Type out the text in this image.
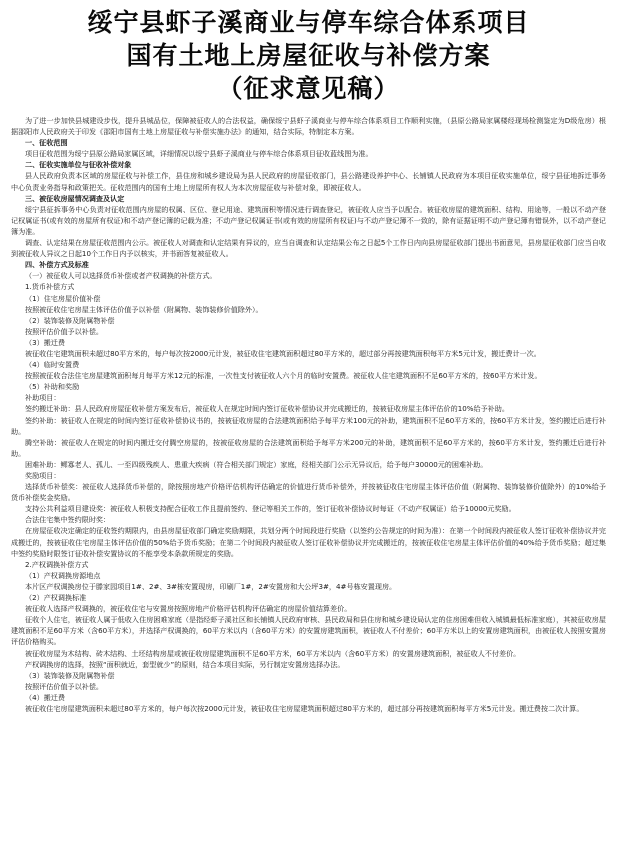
绥宁县虾子溪商业与停车综合体系项目
国有土地上房屋征收与补偿方案
（征求意见稿）

为了进一步加快县城建设步伐，提升县城品位，保障被征收人的合法权益，确保绥宁县虾子溪商业与停车综合体系项目工作顺利实施，（县原公路局家属楼经现场检测鉴定为D级危房）根据邵阳市人民政府关于印发《邵阳市国有土地上房屋征收与补偿实施办法》的通知，结合实际，特制定本方案。

一、征收范围

项目征收范围为绥宁县原公路局家属区域，详细情况以绥宁县虾子溪商业与停车综合体系项目征收蓝线图为准。

二、征收实施单位与征收补偿对象

县人民政府负责本区域的房屋征收与补偿工作，县住房和城乡建设局为县人民政府的房屋征收部门，县公路建设养护中心、长铺镇人民政府为本项目征收实施单位，绥宁县征地拆迁事务中心负责业务指导和政策把关。征收范围内的国有土地上房屋所有权人为本次房屋征收与补偿对象，即被征收人。

三、被征收房屋情况调查及认定

绥宁县征拆事务中心负责对征收范围内房屋的权属、区位、登记用途、建筑面积等情况进行调查登记，被征收人应当予以配合。被征收房屋的建筑面积、结构、用途等，一般以不动产登记权属证书(或有效的房屋所有权证)和不动产登记簿的记载为准；不动产登记权属证书(或有效的房屋所有权证)与不动产登记簿不一致的，除有证据证明不动产登记簿有错误外，以不动产登记簿为准。

调查、认定结果在房屋征收范围内公示。被征收人对调查和认定结果有异议的，应当自调查和认定结果公布之日起5个工作日内向县房屋征收部门提出书面意见，县房屋征收部门应当自收到被征收人异议之日起10个工作日内予以核实，并书面答复被征收人。

四、补偿方式及标准

（一）被征收人可以选择货币补偿或者产权调换的补偿方式。

1.货币补偿方式

（1）住宅房屋价值补偿

按照被征收住宅房屋主体评估价值予以补偿（附属物、装饰装修价值除外）。

（2）装饰装修及附属物补偿

按照评估价值予以补偿。

（3）搬迁费

被征收住宅建筑面积未超过80平方米的，每户每次按2000元计发，被征收住宅建筑面积超过80平方米的，超过部分再按建筑面积每平方米5元计发，搬迁费计一次。

（4）临时安置费

按照被征收合法住宅房屋建筑面积每月每平方米12元的标准，一次性支付被征收人六个月的临时安置费。被征收人住宅建筑面积不足60平方米的，按60平方米计发。

（5）补助和奖励

补助项目：

签约搬迁补助：县人民政府房屋征收补偿方案发布后，被征收人在规定时间内签订征收补偿协议并完成搬迁的，按被征收房屋主体评估价的10%给予补助。

签约补助：被征收人在规定的时间内签订征收补偿协议书的，按被征收房屋的合法建筑面积给予每平方米100元的补助，建筑面积不足60平方米的，按60平方米计发，签约搬迁后进行补助。

腾空补助：被征收人在规定的时间内搬迁交付腾空房屋的，按被征收房屋的合法建筑面积给予每平方米200元的补助，建筑面积不足60平方米的，按60平方米计发，签约搬迁后进行补助。

困难补助：鳏寡老人、孤儿、一至四级残疾人、患重大疾病（符合相关部门规定）家庭，经相关部门公示无异议后，给予每户30000元的困难补助。

奖励项目：

选择货币补偿奖：被征收人选择货币补偿的，除按照房地产价格评估机构评估确定的价值进行货币补偿外，并按被征收住宅房屋主体评估价值（附属物、装饰装修价值除外）的10%给予货币补偿奖金奖励。

支持公共利益项目建设奖：被征收人积极支持配合征收工作且提前签约、登记等相关工作的，签订征收补偿协议时每证（不动产权属证）给予10000元奖励。

合法住宅集中签约限时奖：

在房屋征收决定确定的征收签约期限内，由县房屋征收部门确定奖励期限，共划分两个时间段进行奖励（以签约公告规定的时间为准）：在第一个时间段内被征收人签订征收补偿协议并完成搬迁的，按被征收住宅房屋主体评估价值的50%给予货币奖励；在第二个时间段内被征收人签订征收补偿协议并完成搬迁的，按被征收住宅房屋主体评估价值的40%给予货币奖励；超过集中签约奖励时限签订征收补偿安置协议的不能享受本条款所规定的奖励。

2.产权调换补偿方式

（1）产权调换房源地点

本片区产权调换房位于滕家园项目1#、2#、3#栋安置现房，印刷厂1#，2#安置房和大公坪3#，4#号栋安置现房。

（2）产权调换标准

被征收人选择产权调换的，被征收住宅与安置房按照房地产价格评估机构评估确定的房屋价值结算差价。

征收个人住宅，被征收人属于低收入住房困难家庭（是指经虾子溪社区和长铺镇人民政府审核、县民政局和县住房和城乡建设局认定的住房困难但收入城镇最低标准家庭），其被征收房屋建筑面积不足60平方米（含60平方米），并选择产权调换的，60平方米以内（含60平方米）的安置房建筑面积，被征收人不付差价；60平方米以上的安置房建筑面积，由被征收人按照安置房评估价格购买。

被征收房屋为木结构、砖木结构、土坯结构房屋或被征收房屋建筑面积不足60平方米，60平方米以内（含60平方米）的安置房建筑面积，被征收人不付差价。

产权调换房的选择，按照“面积就近，套型就少”的原则，结合本项目实际，另行制定安置房选择办法。

（3）装饰装修及附属物补偿

按照评估价值予以补偿。

（4）搬迁费

被征收住宅房屋建筑面积未超过80平方米的，每户每次按2000元计发，被征收住宅房屋建筑面积超过80平方米的，超过部分再按建筑面积每平方米5元计发。搬迁费按二次计算。
